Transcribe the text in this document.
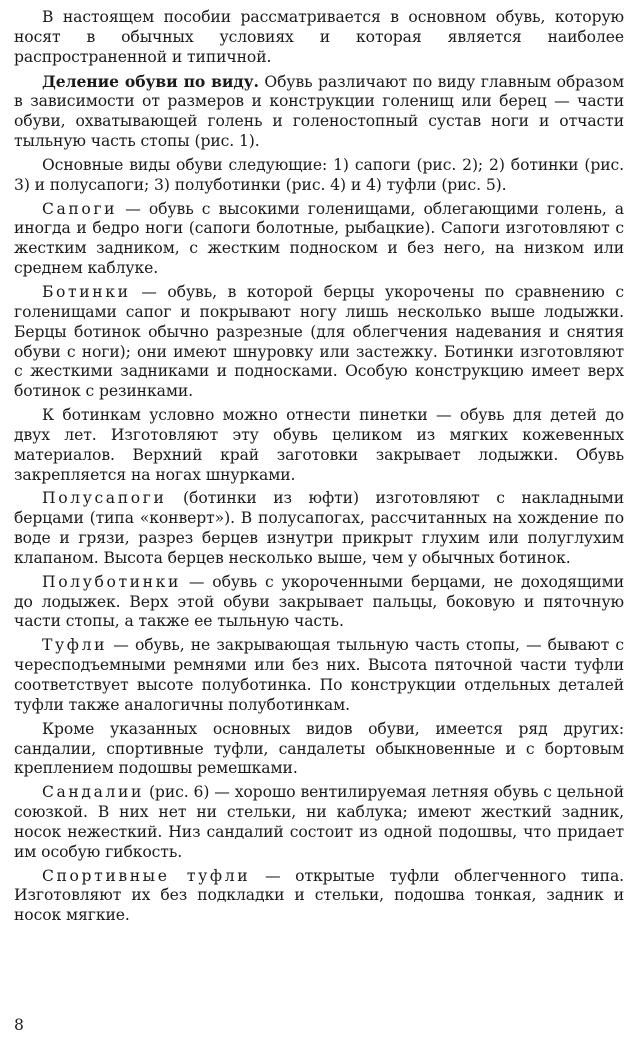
В настоящем пособии рассматривается в основном обувь, которую носят в обычных условиях и которая является наиболее распространенной и типичной.

Деление обуви по виду. Обувь различают по виду главным образом в зависимости от размеров и конструкции голенищ или берец — части обуви, охватывающей голень и голеностопный сустав ноги и отчасти тыльную часть стопы (рис. 1).

Основные виды обуви следующие: 1) сапоги (рис. 2); 2) ботинки (рис. 3) и полусапоги; 3) полуботинки (рис. 4) и 4) туфли (рис. 5).

Сапоги — обувь с высокими голенищами, облегающими голень, а иногда и бедро ноги (сапоги болотные, рыбацкие). Сапоги изготовляют с жестким задником, с жестким подноском и без него, на низком или среднем каблуке.

Ботинки — обувь, в которой берцы укорочены по сравнению с голенищами сапог и покрывают ногу лишь несколько выше лодыжки. Берцы ботинок обычно разрезные (для облегчения надевания и снятия обуви с ноги); они имеют шнуровку или застежку. Ботинки изготовляют с жесткими задниками и подносками. Особую конструкцию имеет верх ботинок с резинками.

К ботинкам условно можно отнести пинетки — обувь для детей до двух лет. Изготовляют эту обувь целиком из мягких кожевенных материалов. Верхний край заготовки закрывает лодыжки. Обувь закрепляется на ногах шнурками.

Полусапоги (ботинки из юфти) изготовляют с накладными берцами (типа «конверт»). В полусапогах, рассчитанных на хождение по воде и грязи, разрез берцев изнутри прикрыт глухим или полуглухим клапаном. Высота берцев несколько выше, чем у обычных ботинок.

Полуботинки — обувь с укороченными берцами, не доходящими до лодыжек. Верх этой обуви закрывает пальцы, боковую и пяточную части стопы, а также ее тыльную часть.

Туфли — обувь, не закрывающая тыльную часть стопы, — бывают с чересподъемными ремнями или без них. Высота пяточной части туфли соответствует высоте полуботинка. По конструкции отдельных деталей туфли также аналогичны полуботинкам.

Кроме указанных основных видов обуви, имеется ряд других: сандалии, спортивные туфли, сандалеты обыкновенные и с бортовым креплением подошвы ремешками.

Сандалии (рис. 6) — хорошо вентилируемая летняя обувь с цельной союзкой. В них нет ни стельки, ни каблука; имеют жесткий задник, носок нежесткий. Низ сандалий состоит из одной подошвы, что придает им особую гибкость.

Спортивные туфли — открытые туфли облегченного типа. Изготовляют их без подкладки и стельки, подошва тонкая, задник и носок мягкие.

8
